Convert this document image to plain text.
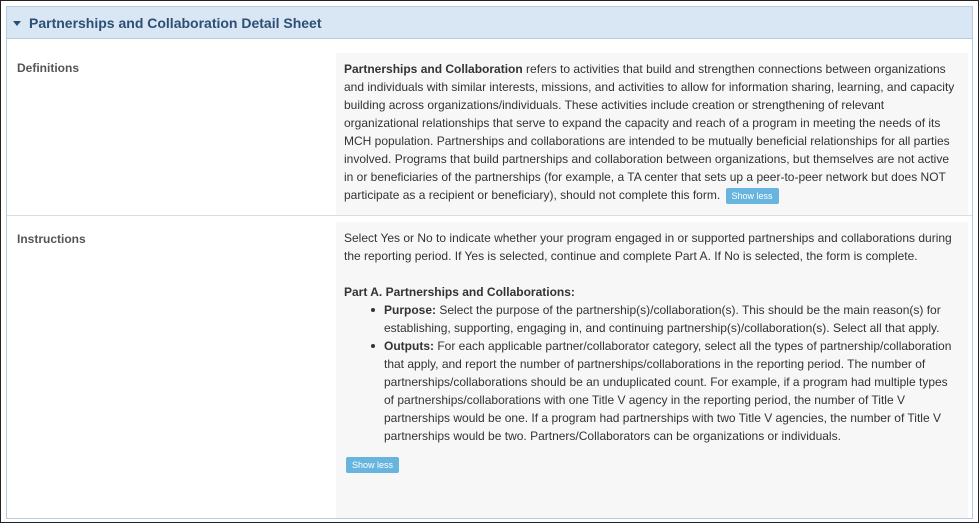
Partnerships and Collaboration Detail Sheet
Definitions	Partnerships and Collaboration refers to activities that build and strengthen connections between organizations and individuals with similar interests, missions, and activities to allow for information sharing, learning, and capacity building across organizations/individuals. These activities include creation or strengthening of relevant organizational relationships that serve to expand the capacity and reach of a program in meeting the needs of its MCH population. Partnerships and collaborations are intended to be mutually beneficial relationships for all parties involved. Programs that build partnerships and collaboration between organizations, but themselves are not active in or beneficiaries of the partnerships (for example, a TA center that sets up a peer-to-peer network but does NOT participate as a recipient or beneficiary), should not complete this form. Show less
Instructions	Select Yes or No to indicate whether your program engaged in or supported partnerships and collaborations during the reporting period. If Yes is selected, continue and complete Part A. If No is selected, the form is complete.
Part A. Partnerships and Collaborations:
Purpose: Select the purpose of the partnership(s)/collaboration(s). This should be the main reason(s) for establishing, supporting, engaging in, and continuing partnership(s)/collaboration(s). Select all that apply.
Outputs: For each applicable partner/collaborator category, select all the types of partnership/collaboration that apply, and report the number of partnerships/collaborations in the reporting period. The number of partnerships/collaborations should be an unduplicated count. For example, if a program had multiple types of partnerships/collaborations with one Title V agency in the reporting period, the number of Title V partnerships would be one. If a program had partnerships with two Title V agencies, the number of Title V partnerships would be two. Partners/Collaborators can be organizations or individuals.
Show less
